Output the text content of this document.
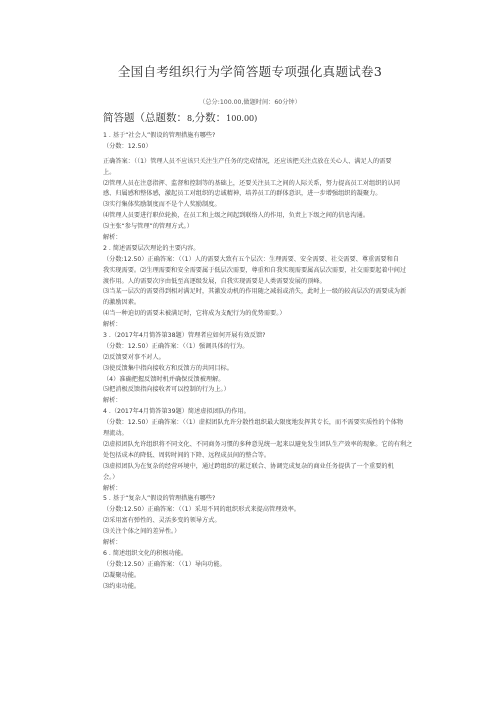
全国自考组织行为学简答题专项强化真题试卷3
（总分:100.00,做题时间：60分钟）
简答题（总题数：8,分数：100.00)
1 . 基于“社会人”假设的管理措施有哪些?
（分数：12.50）
正确答案：（（1）管理人员不应该只关注生产任务的完成情况，还应该把关注点放在关心人、满足人的需要
上。
⑵管理人员在注意指挥、监督和控制等的基础上，还要关注员工之间的人际关系，努力提高员工对组织的认同
感、归属感和整体感，激起员工对组织的忠诚精神，培养员工的群体意识，进一步增强组织的凝聚力。
⑶实行集体奖励制度而不是个人奖励制度。
⑷管理人员要进行职位轮换，在员工和上级之间起到联络人的作用，负责上下级之间的信息沟通。
⑸主张“参与管理”的管理方式。）
解析：
2 . 简述需要层次理论的主要内容。
（分数:12.50）正确答案：（（1）人的需要大致有五个层次：生理需要、安全需要、社交需要、尊重需要和自
我实现需要。⑵生理需要和安全需要属于低层次需要，尊重和自我实现需要属高层次需要，社交需要起着中间过
渡作用。人的需要次序由低至高逐级发展，自我实现需要是人类需要发展的顶峰。
⑶当某一层次的需要得到相对满足时，其激发动机的作用随之减弱或消失，此时上一级的较高层次的需要成为新
的激励因素。
⑷当一种迫切的需要未被满足时，它将成为支配行为的优势需要。）
解析：
3 .（2017年4月简答第38题）管理者应如何开展有效反馈?
（分数：12.50）正确答案：（（1）强调具体的行为。
⑵反馈要对事不对人。
⑶使反馈集中指向接收方和反馈方的共同目标。
（4）准确把握反馈时机并确保反馈被理解。
⑸把消极反馈指向接收者可以控制的行为上。）
解析：
4 .（2017年4月简答第39题）简述虚拟团队的作用。
（分数：12.50）正确答案：（（1）虚拟团队允许分散性组织最大限度地发挥其专长，而不需要实质性的个体物
理流动。
⑵虚拟团队允许组织将不同文化、不同商务习惯的多种意见统一起来以避免发生团队生产效率的现象。它的有利之
处包括成本的降低、周转时间的下降、远程成员间的整合等。
⑶虚拟团队为在复杂的经营环境中，通过跨组织的紧迁联合、协调完成复杂的商业任务提供了一个重要的机
会。）
解析：
5 . 基于“复杂人”假设的管理措施有哪些?
（分数:12.50）正确答案：（（1）采用不同的组织形式来提高管理效率。
⑵采用富有弹性的、灵活多变的领导方式。
⑶关注个体之间的差异性。）
解析：
6 . 简述组织文化的积极功能。
（分数:12.50）正确答案：（（1）导向功能。
⑵凝聚功能。
⑶约束功能。
